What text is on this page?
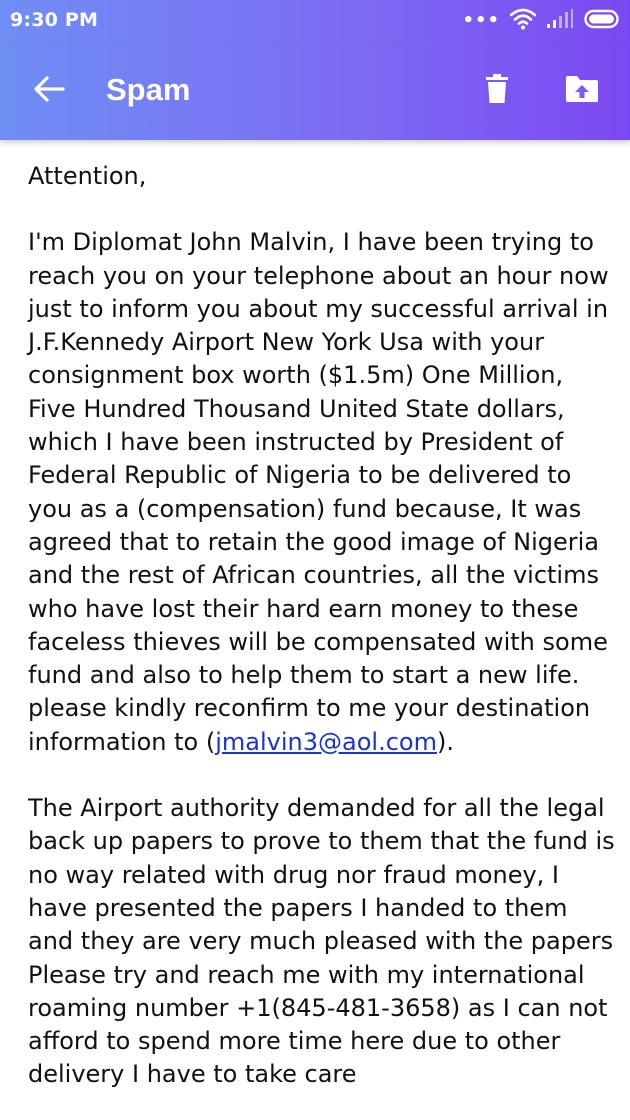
9:30 PM	•••
Spam

Attention,

I'm Diplomat John Malvin, I have been trying to reach you on your telephone about an hour now just to inform you about my successful arrival in J.F.Kennedy Airport New York Usa with your consignment box worth ($1.5m) One Million, Five Hundred Thousand United State dollars, which I have been instructed by President of Federal Republic of Nigeria to be delivered to you as a (compensation) fund because, It was agreed that to retain the good image of Nigeria and the rest of African countries, all the victims who have lost their hard earn money to these faceless thieves will be compensated with some fund and also to help them to start a new life. please kindly reconfirm to me your destination information to (jmalvin3@aol.com).

The Airport authority demanded for all the legal back up papers to prove to them that the fund is no way related with drug nor fraud money, I have presented the papers I handed to them and they are very much pleased with the papers Please try and reach me with my international roaming number +1(845-481-3658) as I can not afford to spend more time here due to other delivery I have to take care
